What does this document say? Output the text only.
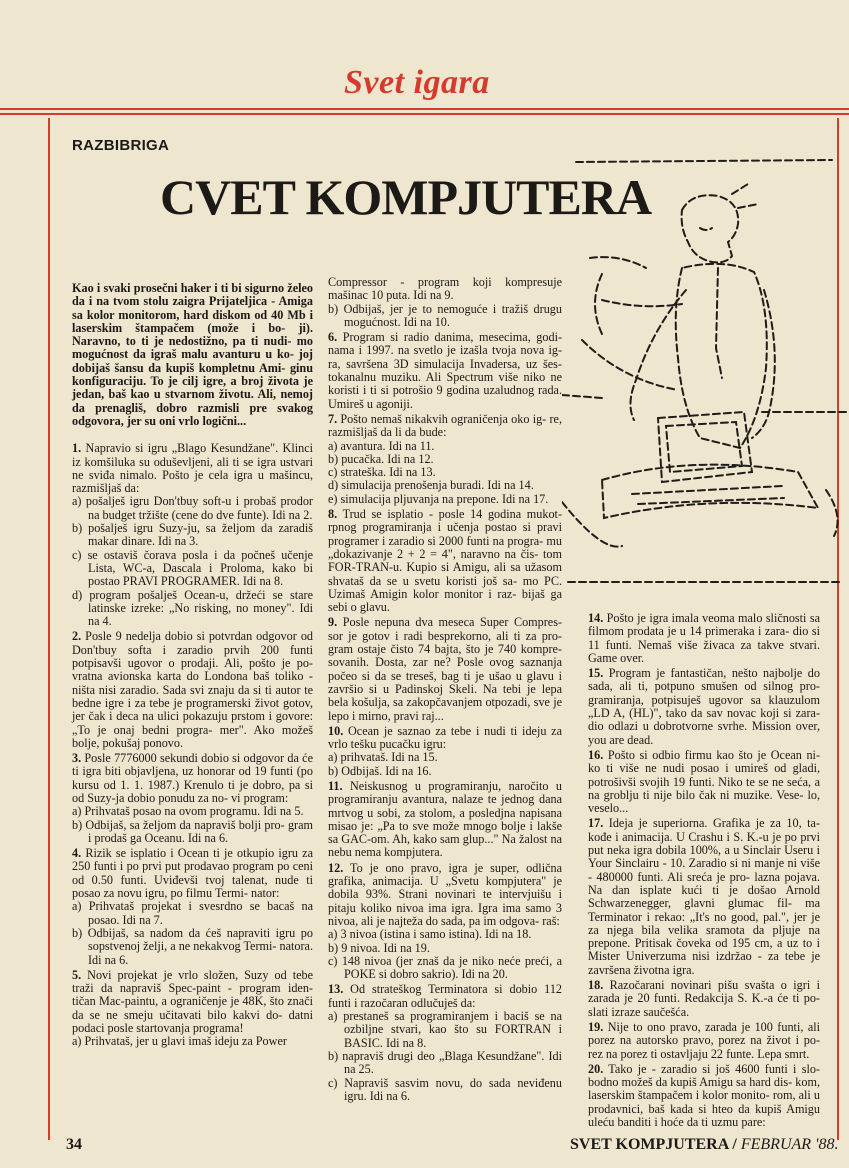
Svet igara
RAZBIBRIGA
CVET KOMPJUTERA

Kao i svaki prosečni haker i ti bi sigurno želeo da i na tvom stolu zaigra Prijateljica - Amiga sa kolor monitorom, hard diskom od 40 Mb i laserskim štampačem (može i bo- ji). Naravno, to ti je nedostižno, pa ti nudi- mo mogućnost da igraš malu avanturu u ko- joj dobijaš šansu da kupiš kompletnu Ami- ginu konfiguraciju. To je cilj igre, a broj života je jedan, baš kao u stvarnom životu. Ali, nemoj da prenagliš, dobro razmisli pre svakog odgovora, jer su oni vrlo logični...

1. Napravio si igru „Blago Kesundžane". Klinci iz komšiluka su oduševljeni, ali ti se igra ustvari ne sviđa nimalo. Pošto je cela igra u mašincu, razmišljaš da:

a) pošalješ igru Don'tbuy soft-u i probaš prodor na budget tržište (cene do dve funte). Idi na 2.

b) pošalješ igru Suzy-ju, sa željom da zaradiš makar dinare. Idi na 3.

c) se ostaviš čorava posla i da počneš učenje Lista, WC-a, Dascala i Proloma, kako bi postao PRAVI PROGRAMER. Idi na 8.

d) program pošalješ Ocean-u, držeći se stare latinske izreke: „No risking, no money". Idi na 4.

2. Posle 9 nedelja dobio si potvrdan odgovor od Don'tbuy softa i zaradio prvih 200 funti potpisavši ugovor o prodaji. Ali, pošto je po- vratna avionska karta do Londona baš toliko - ništa nisi zaradio. Sada svi znaju da si ti autor te bedne igre i za tebe je programerski život gotov, jer čak i deca na ulici pokazuju prstom i govore: „To je onaj bedni progra- mer". Ako možeš bolje, pokušaj ponovo.

3. Posle 7776000 sekundi dobio si odgovor da će ti igra biti objavljena, uz honorar od 19 funti (po kursu od 1. 1. 1987.) Krenulo ti je dobro, pa si od Suzy-ja dobio ponudu za no- vi program:

a) Prihvataš posao na ovom programu. Idi na 5.

b) Odbijaš, sa željom da napraviš bolji pro- gram i prodaš ga Oceanu. Idi na 6.

4. Rizik se isplatio i Ocean ti je otkupio igru za 250 funti i po prvi put prodavao program po ceni od 0.50 funti. Uviđevši tvoj talenat, nude ti posao za novu igru, po filmu Termi- nator:

a) Prihvataš projekat i svesrdno se bacaš na posao. Idi na 7.

b) Odbijaš, sa nadom da ćeš napraviti igru po sopstvenoj želji, a ne nekakvog Termi- natora. Idi na 6.

5. Novi projekat je vrlo složen, Suzy od tebe traži da napraviš Spec-paint - program iden- tičan Mac-paintu, a ograničenje je 48K, što znači da se ne smeju učitavati bilo kakvi do- datni podaci posle startovanja programa!

a) Prihvataš, jer u glavi imaš ideju za Power

Compressor - program koji kompresuje mašinac 10 puta. Idi na 9.

b) Odbijaš, jer je to nemoguće i tražiš drugu mogućnost. Idi na 10.

6. Program si radio danima, mesecima, godi- nama i 1997. na svetlo je izašla tvoja nova ig- ra, savršena 3D simulacija Invadersa, uz šes- tokanalnu muziku. Ali Spectrum više niko ne koristi i ti si potrošio 9 godina uzaludnog rada. Umireš u agoniji.

7. Pošto nemaš nikakvih ograničenja oko ig- re, razmišljaš da li da bude:

a) avantura. Idi na 11.

b) pucačka. Idi na 12.

c) strateška. Idi na 13.

d) simulacija prenošenja buradi. Idi na 14.

e) simulacija pljuvanja na prepone. Idi na 17.

8. Trud se isplatio - posle 14 godina mukot- rpnog programiranja i učenja postao si pravi programer i zaradio si 2000 funti na progra- mu „dokazivanje 2 + 2 = 4", naravno na čis- tom FOR-TRAN-u. Kupio si Amigu, ali sa užasom shvataš da se u svetu koristi još sa- mo PC. Uzimaš Amigin kolor monitor i raz- bijaš ga sebi o glavu.

9. Posle nepuna dva meseca Super Compres- sor je gotov i radi besprekorno, ali ti za pro- gram ostaje čisto 74 bajta, što je 740 kompre- sovanih. Dosta, zar ne? Posle ovog saznanja počeo si da se treseš, bag ti je ušao u glavu i završio si u Padinskoj Skeli. Na tebi je lepa bela košulja, sa zakopčavanjem otpozadi, sve je lepo i mirno, pravi raj...

10. Ocean je saznao za tebe i nudi ti ideju za vrlo tešku pucačku igru:

a) prihvataš. Idi na 15.

b) Odbijaš. Idi na 16.

11. Neiskusnog u programiranju, naročito u programiranju avantura, nalaze te jednog dana mrtvog u sobi, za stolom, a posledjna napisana misao je: „Pa to sve može mnogo bolje i lakše sa GAC-om. Ah, kako sam glup..." Na žalost na nebu nema kompjutera.

12. To je ono pravo, igra je super, odlična grafika, animacija. U „Svetu kompjutera" je dobila 93%. Strani novinari te intervjuišu i pitaju koliko nivoa ima igra. Igra ima samo 3 nivoa, ali je najteža do sada, pa im odgova- raš:

a) 3 nivoa (istina i samo istina). Idi na 18.

b) 9 nivoa. Idi na 19.

c) 148 nivoa (jer znaš da je niko neće preći, a POKE si dobro sakrio). Idi na 20.

13. Od strateškog Terminatora si dobio 112 funti i razočaran odlučuješ da:

a) prestaneš sa programiranjem i baciš se na ozbiljne stvari, kao što su FORTRAN i BASIC. Idi na 8.

b) napraviš drugi deo „Blaga Kesundžane". Idi na 25.

c) Napraviš sasvim novu, do sada neviđenu igru. Idi na 6.

14. Pošto je igra imala veoma malo sličnosti sa filmom prodata je u 14 primeraka i zara- dio si 11 funti. Nemaš više živaca za takve stvari. Game over.

15. Program je fantastičan, nešto najbolje do sada, ali ti, potpuno smušen od silnog pro- gramiranja, potpisuješ ugovor sa klauzulom „LD A, (HL)", tako da sav novac koji si zara- dio odlazi u dobrotvorne svrhe. Mission over, you are dead.

16. Pošto si odbio firmu kao što je Ocean ni- ko ti više ne nudi posao i umireš od gladi, potrošivši svojih 19 funti. Niko te se ne seća, a na groblju ti nije bilo čak ni muzike. Vese- lo, veselo...

17. Ideja je superiorna. Grafika je za 10, ta- kođe i animacija. U Crashu i S. K.-u je po prvi put neka igra dobila 100%, a u Sinclair Useru i Your Sinclairu - 10. Zaradio si ni manje ni više - 480000 funti. Ali sreća je pro- lazna pojava. Na dan isplate kući ti je došao Arnold Schwarzenegger, glavni glumac fil- ma Terminator i rekao: „It's no good, pal.", jer je za njega bila velika sramota da pljuje na prepone. Pritisak čoveka od 195 cm, a uz to i Mister Univerzuma nisi izdržao - za tebe je završena životna igra.

18. Razočarani novinari pišu svašta o igri i zarada je 20 funti. Redakcija S. K.-a će ti po- slati izraze saučešća.

19. Nije to ono pravo, zarada je 100 funti, ali porez na autorsko pravo, porez na život i po- rez na porez ti ostavljaju 22 funte. Lepa smrt.

20. Tako je - zaradio si još 4600 funti i slo- bodno možeš da kupiš Amigu sa hard dis- kom, laserskim štampačem i kolor monito- rom, ali u prodavnici, baš kada si hteo da kupiš Amigu uleću banditi i hoće da ti uzmu pare:

34	SVET KOMPJUTERA / FEBRUAR '88.
